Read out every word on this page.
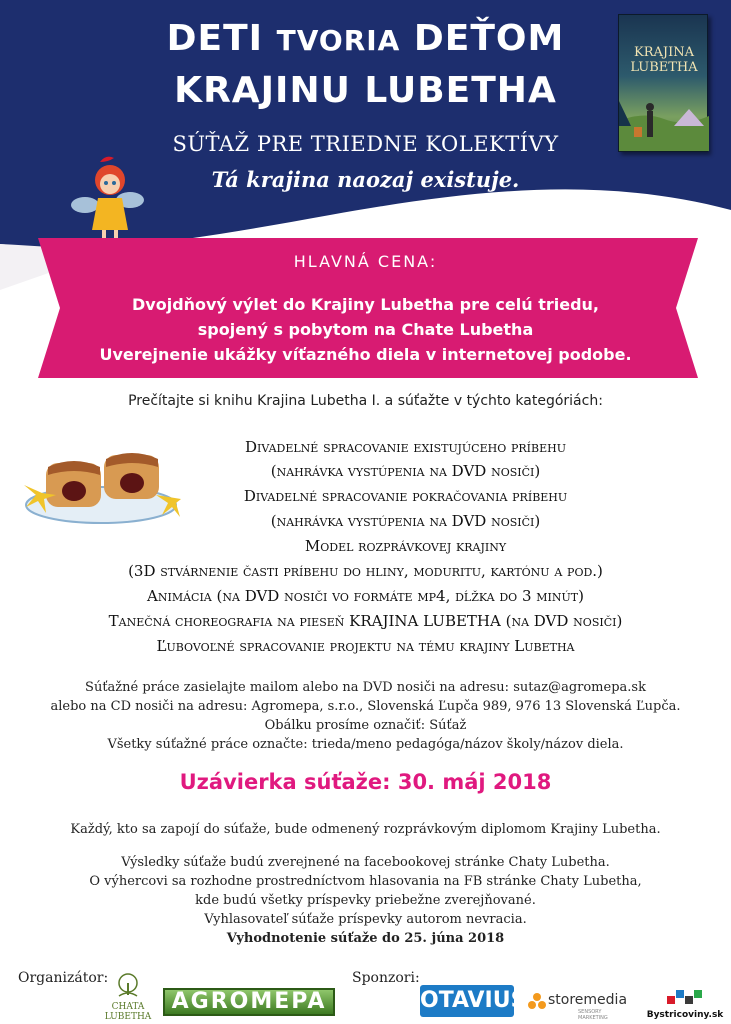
DETI TVORIA DEŤOM
KRAJINU LUBETHA
SÚŤAŽ PRE TRIEDNE KOLEKTÍVY
Tá krajina naozaj existuje.
KRAJINA
LUBETHA
HLAVNÁ CENA:
Dvojdňový výlet do Krajiny Lubetha pre celú triedu,
spojený s pobytom na Chate Lubetha
Uverejnenie ukážky víťazného diela v internetovej podobe.
Prečítajte si knihu Krajina Lubetha I. a súťažte v týchto kategóriách:
Divadelné spracovanie existujúceho príbehu
(nahrávka vystúpenia na DVD nosiči)
Divadelné spracovanie pokračovania príbehu
(nahrávka vystúpenia na DVD nosiči)
Model rozprávkovej krajiny
(3D stvárnenie časti príbehu do hliny, moduritu, kartónu a pod.)
Animácia (na DVD nosiči vo formáte mp4, dĺžka do 3 minút)
Tanečná choreografia na pieseň KRAJINA LUBETHA (na DVD nosiči)
Ľubovoľné spracovanie projektu na tému krajiny Lubetha
Súťažné práce zasielajte mailom alebo na DVD nosiči na adresu: sutaz@agromepa.sk
alebo na CD nosiči na adresu: Agromepa, s.r.o., Slovenská Ľupča 989, 976 13 Slovenská Ľupča.
Obálku prosíme označiť: Súťaž
Všetky súťažné práce označte: trieda/meno pedagóga/názov školy/názov diela.
Uzávierka súťaže: 30. máj 2018
Každý, kto sa zapojí do súťaže, bude odmenený rozprávkovým diplomom Krajiny Lubetha.
Výsledky súťaže budú zverejnené na facebookovej stránke Chaty Lubetha.
O výhercovi sa rozhodne prostredníctvom hlasovania na FB stránke Chaty Lubetha,
kde budú všetky príspevky priebežne zverejňované.
Vyhlasovateľ súťaže príspevky autorom nevracia.
Vyhodnotenie súťaže do 25. júna 2018
Organizátor:
CHATA
LUBETHA
AGROMEPA
Sponzori:
OTAVIUS storemedia
SENSORY MARKETING	Bystricoviny.sk
